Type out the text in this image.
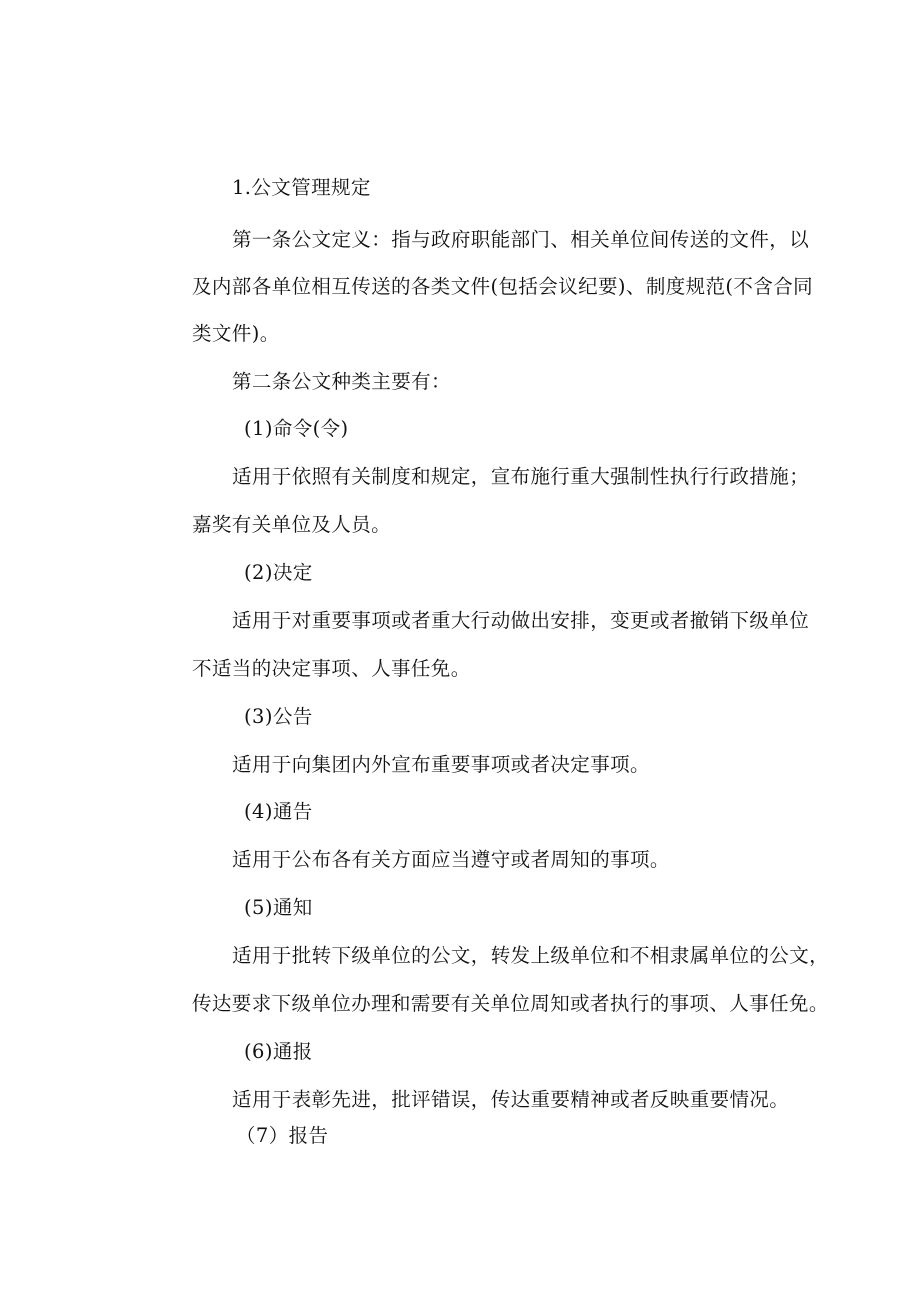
1.公文管理规定
第一条公文定义：指与政府职能部门、相关单位间传送的文件，以
及内部各单位相互传送的各类文件(包括会议纪要)、制度规范(不含合同
类文件)。
第二条公文种类主要有：
(1)命令(令)
适用于依照有关制度和规定，宣布施行重大强制性执行行政措施；
嘉奖有关单位及人员。
(2)决定
适用于对重要事项或者重大行动做出安排，变更或者撤销下级单位
不适当的决定事项、人事任免。
(3)公告
适用于向集团内外宣布重要事项或者决定事项。
(4)通告
适用于公布各有关方面应当遵守或者周知的事项。
(5)通知
适用于批转下级单位的公文，转发上级单位和不相隶属单位的公文，
传达要求下级单位办理和需要有关单位周知或者执行的事项、人事任免。
(6)通报
适用于表彰先进，批评错误，传达重要精神或者反映重要情况。
（7）报告
